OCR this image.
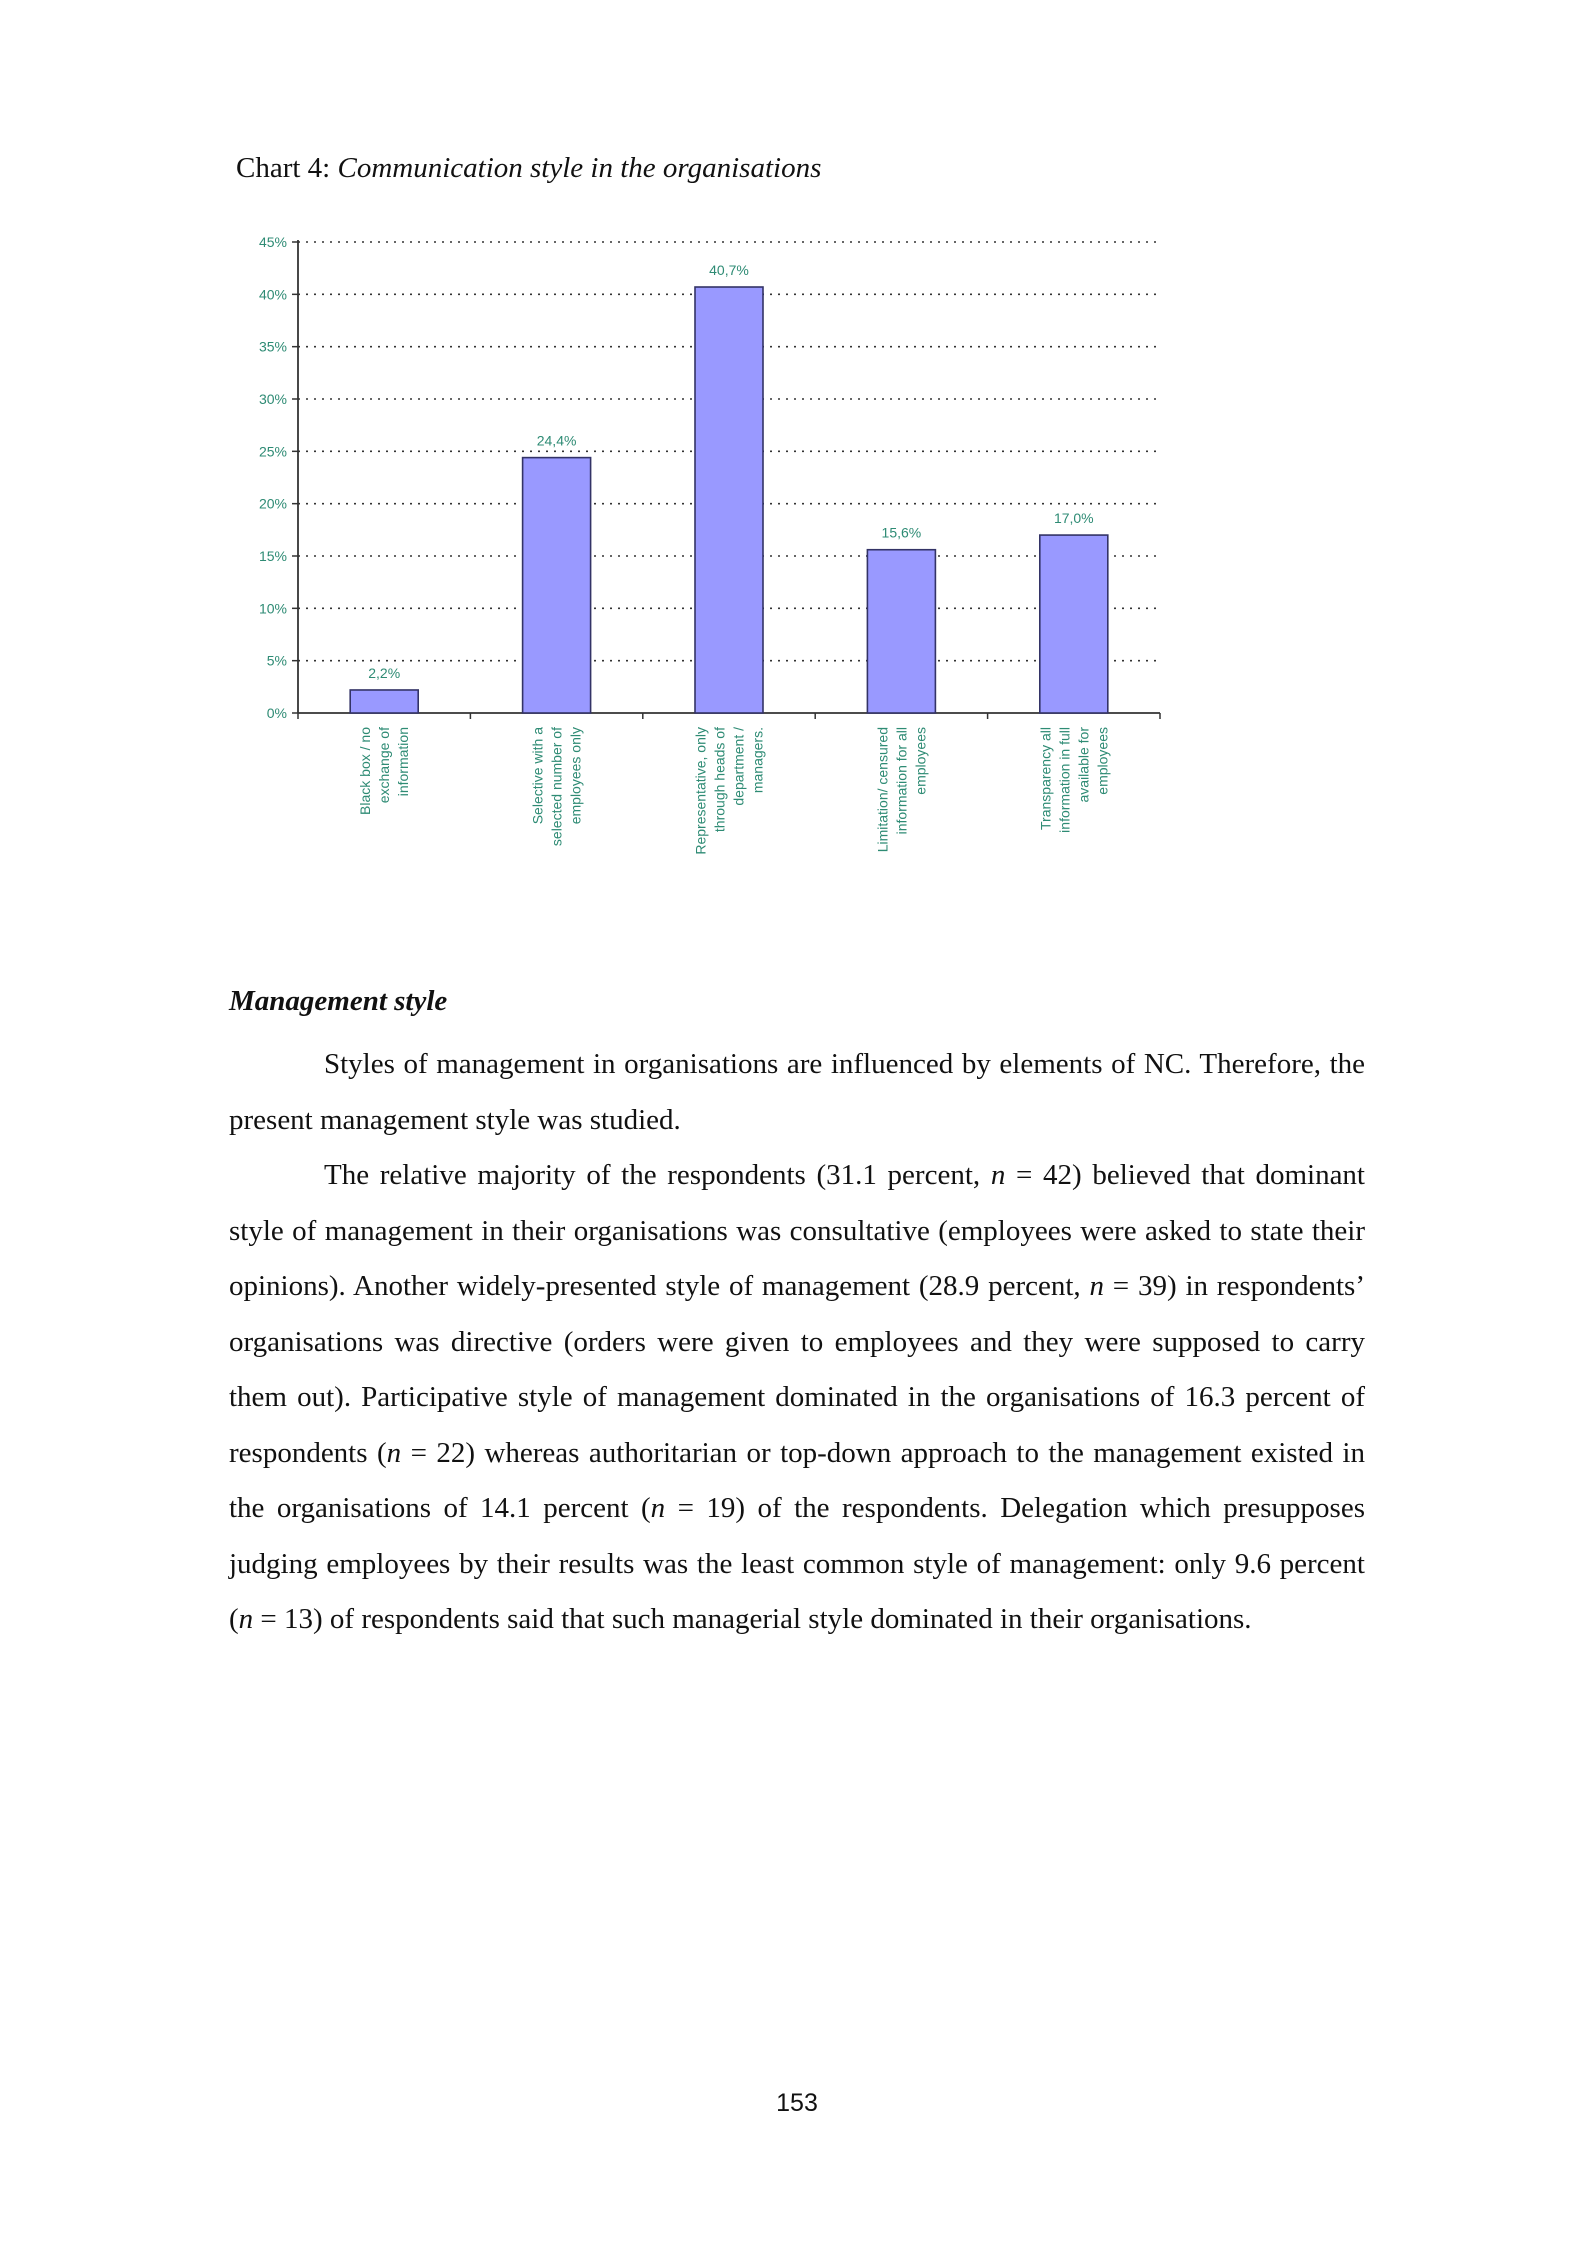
Chart 4: Communication style in the organisations
0%
5%
10%
15%
20%
25%
30%
35%
40%
45%
2,2%
Black box / no exchange of information
24,4%
Selective with a selected number of employees only
40,7%
Representative, only through heads of department / managers.
15,6%
Limitation/ censured information for all employees
17,0%
Transparency all information in full available for employees
Management style

Styles of management in organisations are influenced by elements of NC. Therefore, the present management style was studied.

The relative majority of the respondents (31.1 percent, n = 42) believed that dominant style of management in their organisations was consultative (employees were asked to state their opinions). Another widely-presented style of management (28.9 percent, n = 39) in respondents’ organisations was directive (orders were given to employees and they were supposed to carry them out). Participative style of management dominated in the organisations of 16.3 percent of respondents (n = 22) whereas authoritarian or top-down approach to the management existed in the organisations of 14.1 percent (n = 19) of the respondents. Delegation which presupposes judging employees by their results was the least common style of management: only 9.6 percent (n = 13) of respondents said that such managerial style dominated in their organisations.

153
